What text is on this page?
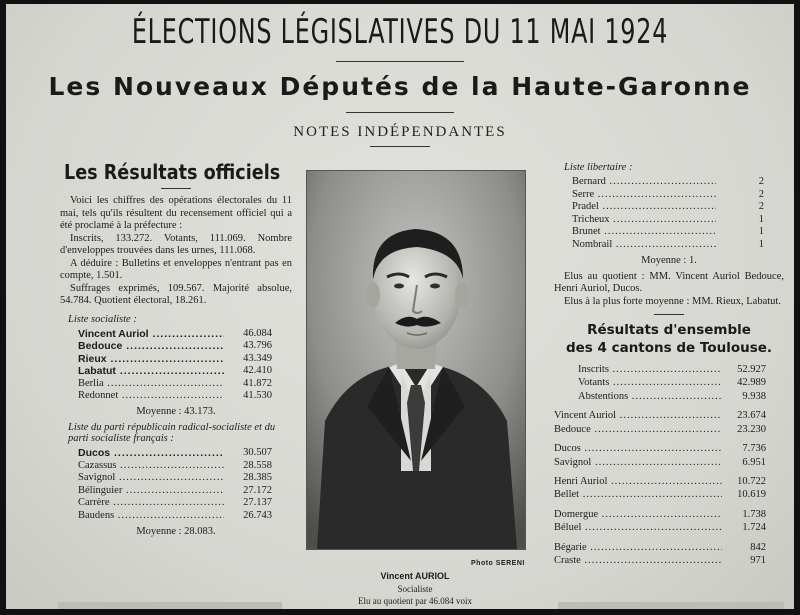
ÉLECTIONS LÉGISLATIVES DU 11 MAI 1924
Les Nouveaux Députés de la Haute-Garonne
NOTES INDÉPENDANTES
Les Résultats officiels

Voici les chiffres des opérations électorales du 11 mai, tels qu'ils résultent du recensement officiel qui a été proclamé à la préfecture :

Inscrits, 133.272. Votants, 111.069. Nombre d'enveloppes trouvées dans les urnes, 111.068.

A déduire : Bulletins et enveloppes n'entrant pas en compte, 1.501.

Suffrages exprimés, 109.567. Majorité absolue, 54.784. Quotient électoral, 18.261.

Liste socialiste :
Vincent Auriol .....	46.084
Bedouce .....	43.796
Rieux .....	43.349
Labatut .....	42.410
Berlia .....	41.872
Redonnet .....	41.530
Moyenne : 43.173.
Liste du parti républicain radical-socialiste et du parti socialiste français :
Ducos .....	30.507
Cazassus .....	28.558
Savignol .....	28.385
Bélinguier .....	27.172
Carrère .....	27.137
Baudens .....	26.743
Moyenne : 28.083.
Photo SERENI
Vincent AURIOL
Socialiste
Elu au quotient par 46.084 voix
Liste libertaire :
Bernard .....	2
Serre .....	2
Pradel .....	2
Tricheux .....	1
Brunet .....	1
Nombrail .....	1
Moyenne : 1.

Elus au quotient : MM. Vincent Auriol Bedouce, Henri Auriol, Ducos.

Elus à la plus forte moyenne : MM. Rieux, Labatut.

Résultats d'ensemble
des 4 cantons de Toulouse.
Inscrits .....	52.927
Votants .....	42.989
Abstentions .....	9.938
Vincent Auriol .....	23.674
Bedouce .....	23.230
Ducos .....	7.736
Savignol .....	6.951
Henri Auriol .....	10.722
Bellet .....	10.619
Domergue .....	1.738
Béluel .....	1.724
Bégarie .....	842
Craste .....	971
